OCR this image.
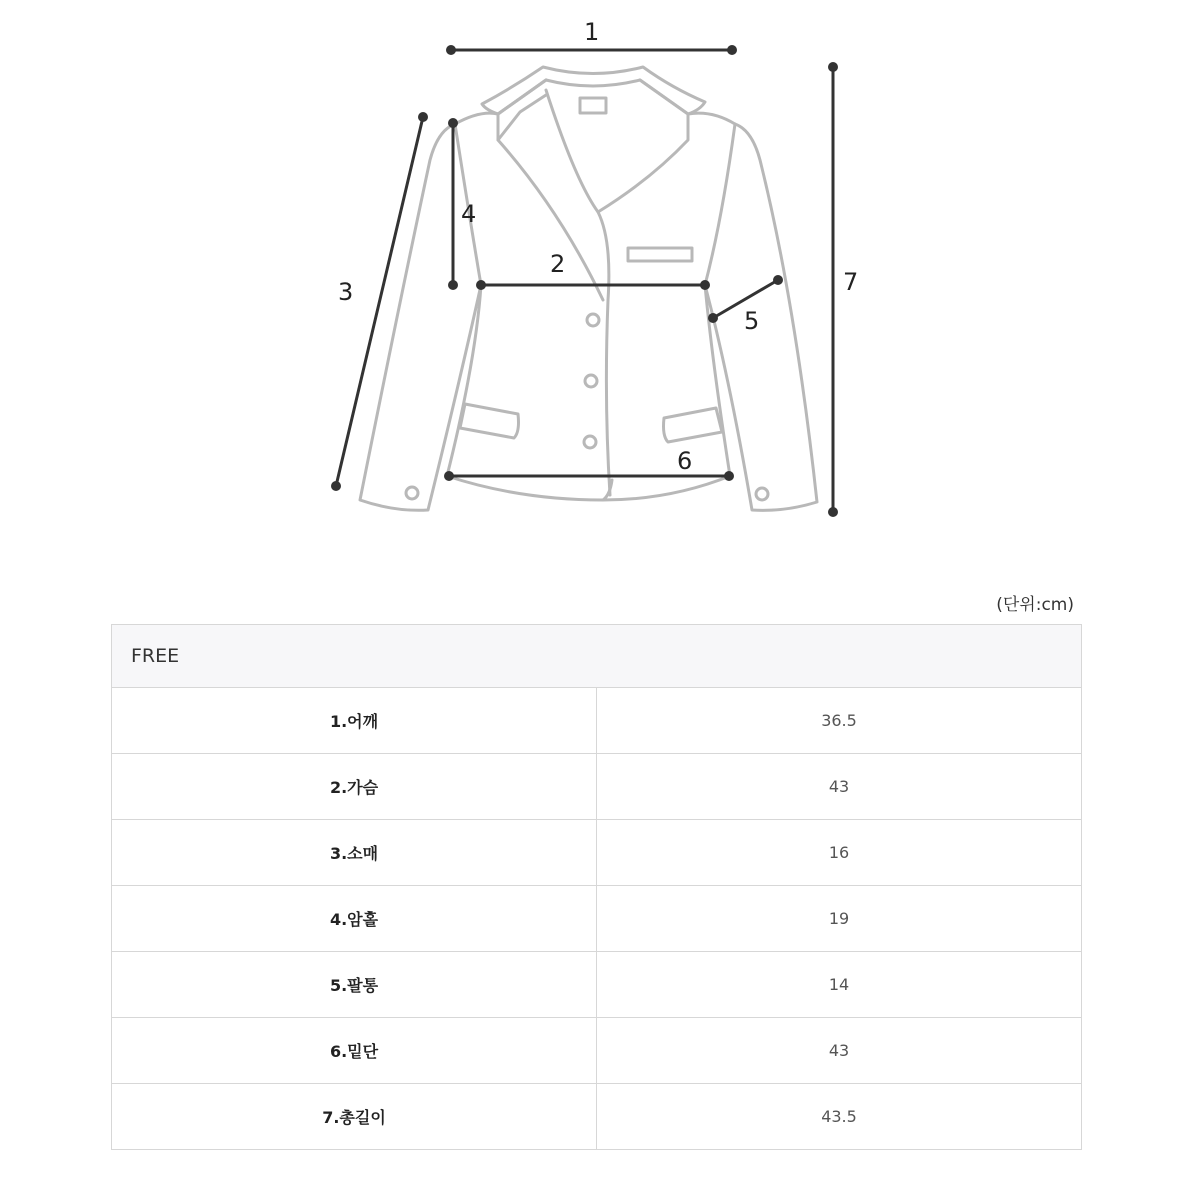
1
2
3
4
5
6
7
(단위:cm)
FREE	
1.어깨	36.5
2.가슴	43
3.소매	16
4.암홀	19
5.팔통	14
6.밑단	43
7.총길이	43.5
